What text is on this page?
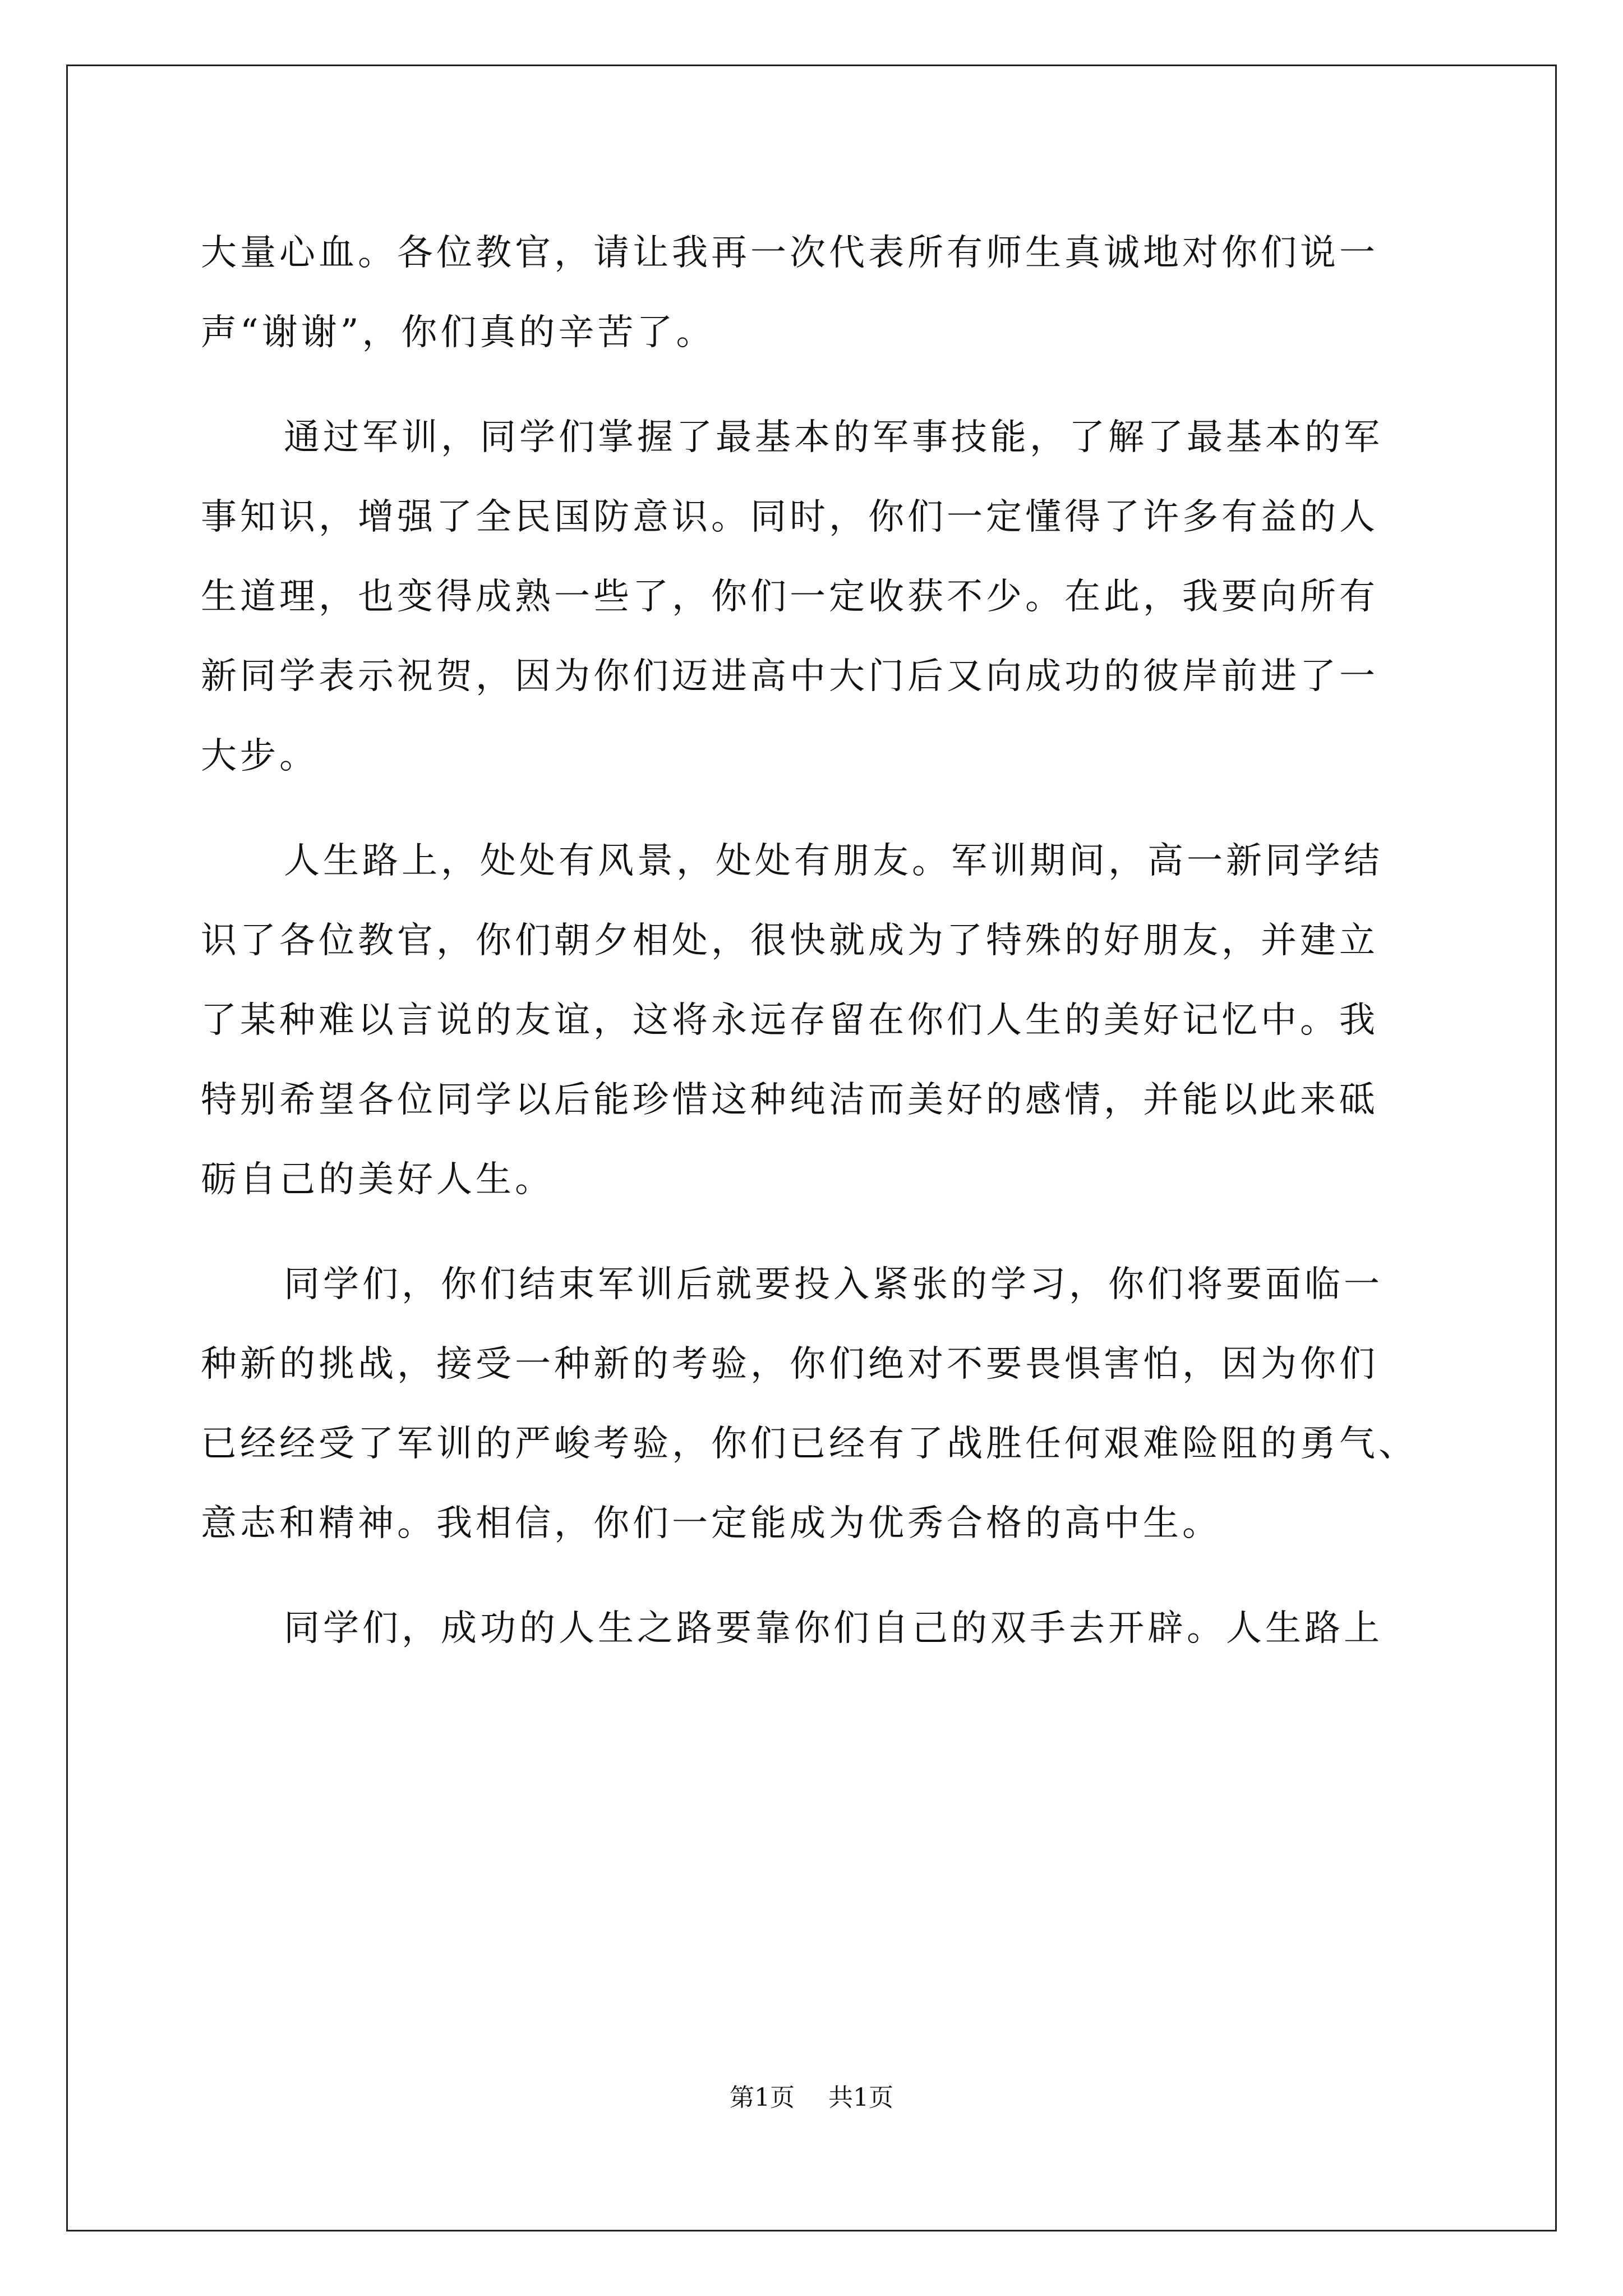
大量心血。各位教官，请让我再一次代表所有师生真诚地对你们说一
声“谢谢”，你们真的辛苦了。
通过军训，同学们掌握了最基本的军事技能，了解了最基本的军
事知识，增强了全民国防意识。同时，你们一定懂得了许多有益的人
生道理，也变得成熟一些了，你们一定收获不少。在此，我要向所有
新同学表示祝贺，因为你们迈进高中大门后又向成功的彼岸前进了一
大步。
人生路上，处处有风景，处处有朋友。军训期间，高一新同学结
识了各位教官，你们朝夕相处，很快就成为了特殊的好朋友，并建立
了某种难以言说的友谊，这将永远存留在你们人生的美好记忆中。我
特别希望各位同学以后能珍惜这种纯洁而美好的感情，并能以此来砥
砺自己的美好人生。
同学们，你们结束军训后就要投入紧张的学习，你们将要面临一
种新的挑战，接受一种新的考验，你们绝对不要畏惧害怕，因为你们
已经经受了军训的严峻考验，你们已经有了战胜任何艰难险阻的勇气、
意志和精神。我相信，你们一定能成为优秀合格的高中生。
同学们，成功的人生之路要靠你们自己的双手去开辟。人生路上
第1页 共1页
